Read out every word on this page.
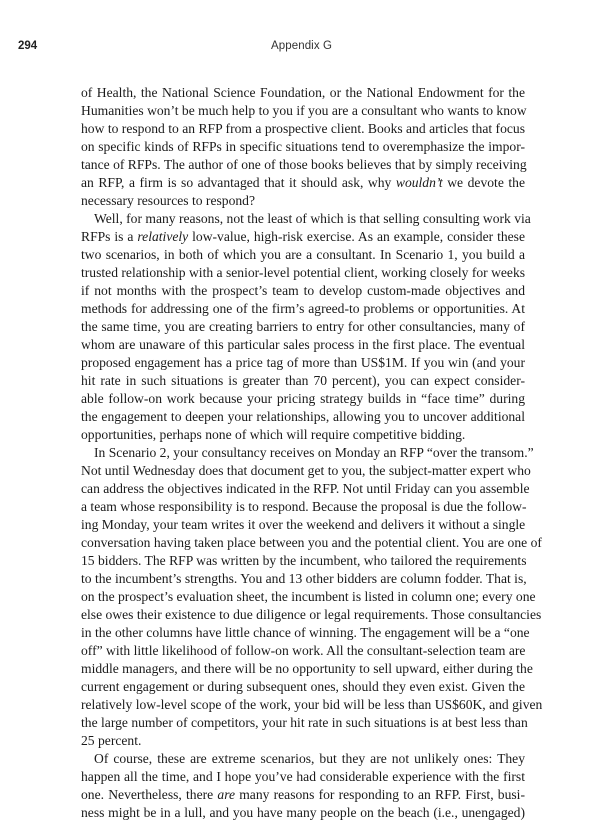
294	Appendix G
of Health, the National Science Foundation, or the National Endowment for the
Humanities won’t be much help to you if you are a consultant who wants to know
how to respond to an RFP from a prospective client. Books and articles that focus
on specific kinds of RFPs in specific situations tend to overemphasize the impor-
tance of RFPs. The author of one of those books believes that by simply receiving
an RFP, a firm is so advantaged that it should ask, why wouldn’t we devote the
necessary resources to respond?
Well, for many reasons, not the least of which is that selling consulting work via
RFPs is a relatively low-value, high-risk exercise. As an example, consider these
two scenarios, in both of which you are a consultant. In Scenario 1, you build a
trusted relationship with a senior-level potential client, working closely for weeks
if not months with the prospect’s team to develop custom-made objectives and
methods for addressing one of the firm’s agreed-to problems or opportunities. At
the same time, you are creating barriers to entry for other consultancies, many of
whom are unaware of this particular sales process in the first place. The eventual
proposed engagement has a price tag of more than US$1M. If you win (and your
hit rate in such situations is greater than 70 percent), you can expect consider-
able follow-on work because your pricing strategy builds in “face time” during
the engagement to deepen your relationships, allowing you to uncover additional
opportunities, perhaps none of which will require competitive bidding.
In Scenario 2, your consultancy receives on Monday an RFP “over the transom.”
Not until Wednesday does that document get to you, the subject-matter expert who
can address the objectives indicated in the RFP. Not until Friday can you assemble
a team whose responsibility is to respond. Because the proposal is due the follow-
ing Monday, your team writes it over the weekend and delivers it without a single
conversation having taken place between you and the potential client. You are one of
15 bidders. The RFP was written by the incumbent, who tailored the requirements
to the incumbent’s strengths. You and 13 other bidders are column fodder. That is,
on the prospect’s evaluation sheet, the incumbent is listed in column one; every one
else owes their existence to due diligence or legal requirements. Those consultancies
in the other columns have little chance of winning. The engagement will be a “one
off” with little likelihood of follow-on work. All the consultant-selection team are
middle managers, and there will be no opportunity to sell upward, either during the
current engagement or during subsequent ones, should they even exist. Given the
relatively low-level scope of the work, your bid will be less than US$60K, and given
the large number of competitors, your hit rate in such situations is at best less than
25 percent.
Of course, these are extreme scenarios, but they are not unlikely ones: They
happen all the time, and I hope you’ve had considerable experience with the first
one. Nevertheless, there are many reasons for responding to an RFP. First, busi-
ness might be in a lull, and you have many people on the beach (i.e., unengaged)
